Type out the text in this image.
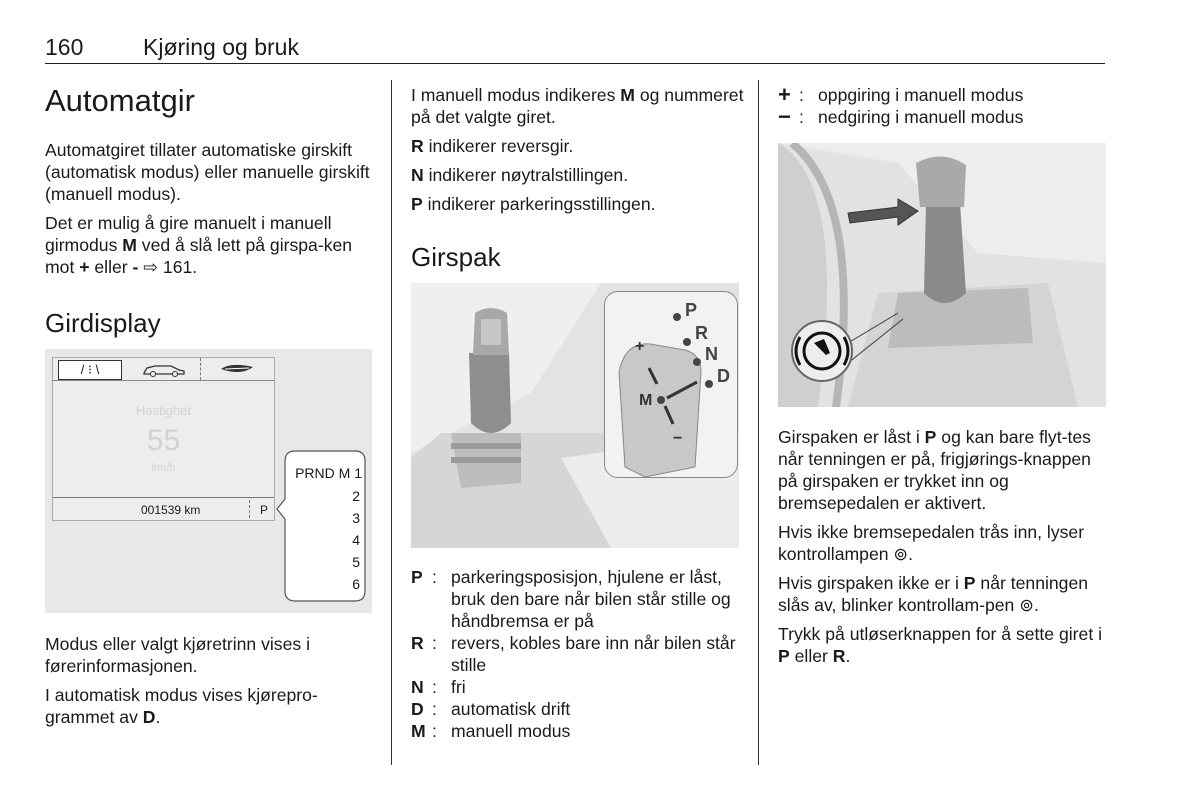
160	Kjøring og bruk
Automatgir

Automatgiret tillater automatiske girskift (automatisk modus) eller manuelle girskift (manuell modus).

Det er mulig å gire manuelt i manuell girmodus M ved å slå lett på girspa-ken mot + eller - ⇨ 161.

Girdisplay
/ ⁝ \
Hastighet
55
km/h
001539 km	P
PRND M 1
2
3
4
5
6

Modus eller valgt kjøretrinn vises i førerinformasjonen.

I automatisk modus vises kjørepro-grammet av D.

I manuell modus indikeres M og nummeret på det valgte giret.

R indikerer reversgir.

N indikerer nøytralstillingen.

P indikerer parkeringsstillingen.

Girspak
P
R
N
D
M
+
−
P : parkeringsposisjon, hjulene er låst, bruk den bare når bilen står stille og håndbremsa er på
R : revers, kobles bare inn når bilen står stille
N : fri
D : automatisk drift
M : manuell modus
+ : oppgiring i manuell modus
− : nedgiring i manuell modus

Girspaken er låst i P og kan bare flyt-tes når tenningen er på, frigjørings-knappen på girspaken er trykket inn og bremsepedalen er aktivert.

Hvis ikke bremsepedalen trås inn, lyser kontrollampen ⊚.

Hvis girspaken ikke er i P når tenningen slås av, blinker kontrollam-pen ⊚.

Trykk på utløserknappen for å sette giret i P eller R.
